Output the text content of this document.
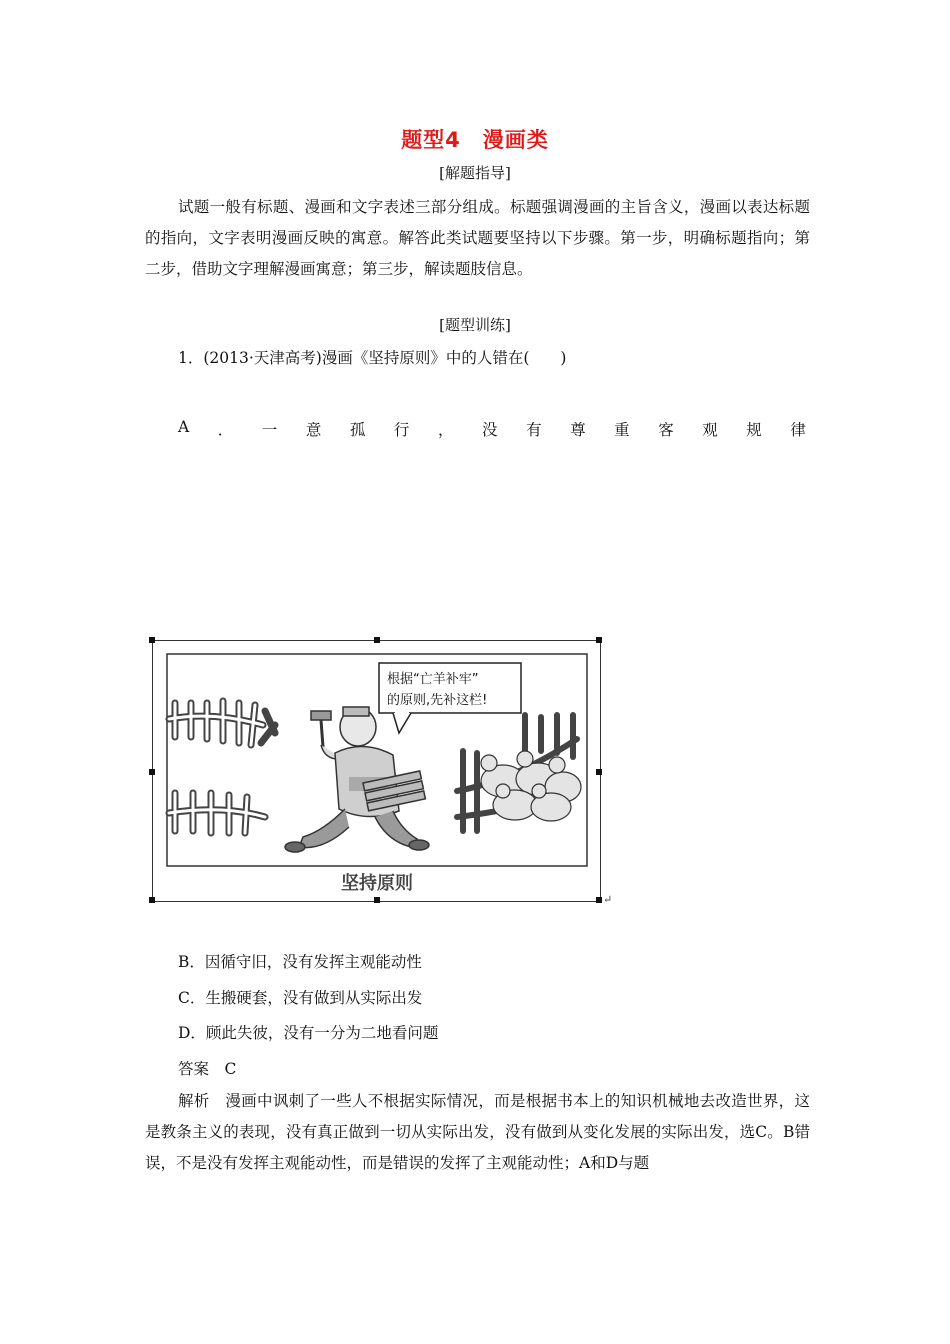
题型4　漫画类
[解题指导]

试题一般有标题、漫画和文字表述三部分组成。标题强调漫画的主旨含义，漫画以表达标题的指向，文字表明漫画反映的寓意。解答此类试题要坚持以下步骤。第一步，明确标题指向；第二步，借助文字理解漫画寓意；第三步，解读题肢信息。

[题型训练]

1．(2013·天津高考)漫画《坚持原则》中的人错在(　　)

A ． 一 意 孤 行 ， 没 有 尊 重 客 观 规 律
根据“亡羊补牢”
的原则,先补这栏!
坚持原则
↵

B．因循守旧，没有发挥主观能动性

C．生搬硬套，没有做到从实际出发

D．顾此失彼，没有一分为二地看问题

答案　C

解析　漫画中讽刺了一些人不根据实际情况，而是根据书本上的知识机械地去改造世界，这是教条主义的表现，没有真正做到一切从实际出发，没有做到从变化发展的实际出发，选C。B错误，不是没有发挥主观能动性，而是错误的发挥了主观能动性；A和D与题
